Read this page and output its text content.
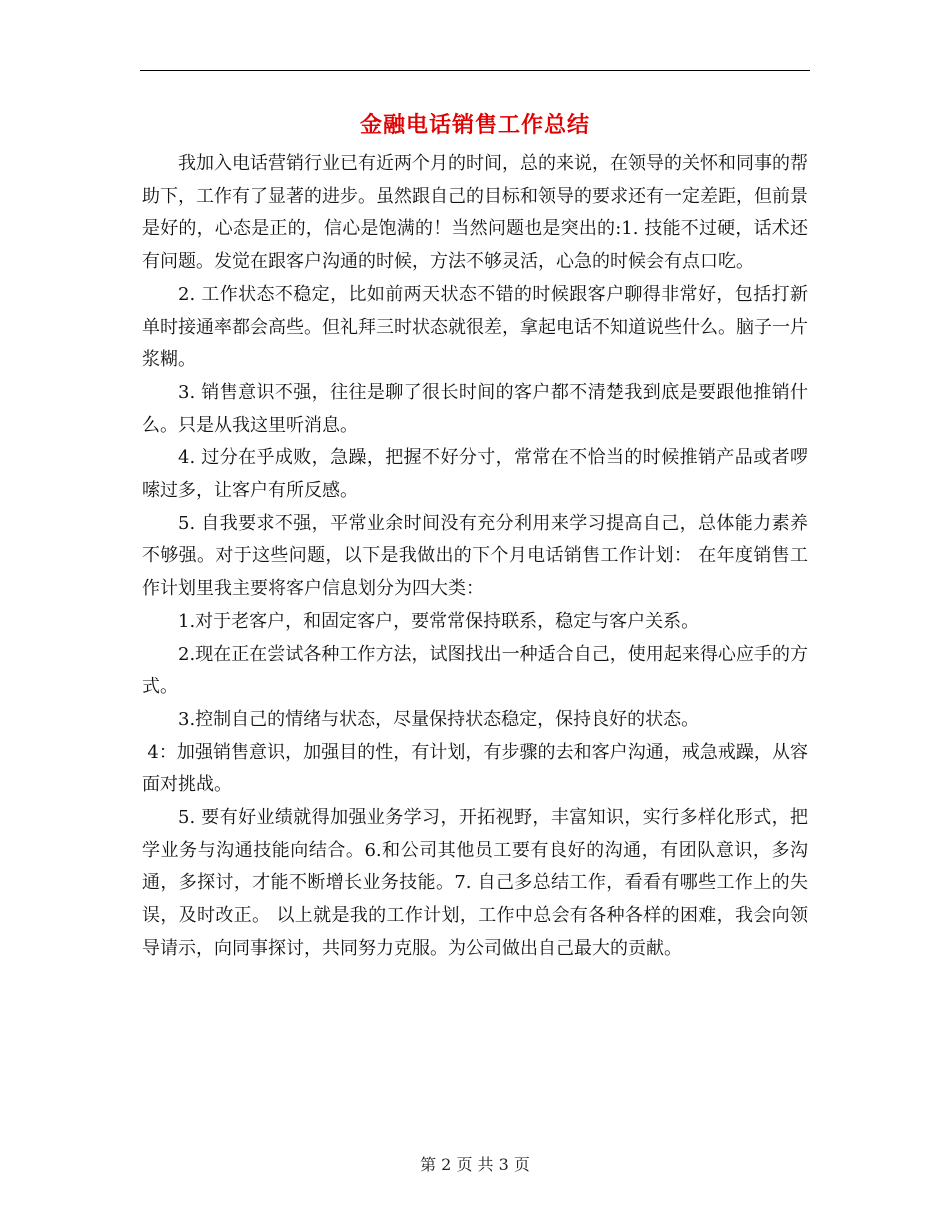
金融电话销售工作总结

我加入电话营销行业已有近两个月的时间，总的来说，在领导的关怀和同事的帮助下，工作有了显著的进步。虽然跟自己的目标和领导的要求还有一定差距，但前景是好的，心态是正的，信心是饱满的！当然问题也是突出的:1. 技能不过硬，话术还有问题。发觉在跟客户沟通的时候，方法不够灵活，心急的时候会有点口吃。

2. 工作状态不稳定，比如前两天状态不错的时候跟客户聊得非常好，包括打新单时接通率都会高些。但礼拜三时状态就很差，拿起电话不知道说些什么。脑子一片浆糊。

3. 销售意识不强，往往是聊了很长时间的客户都不清楚我到底是要跟他推销什么。只是从我这里听消息。

4. 过分在乎成败，急躁，把握不好分寸，常常在不恰当的时候推销产品或者啰嗦过多，让客户有所反感。

5. 自我要求不强，平常业余时间没有充分利用来学习提高自己，总体能力素养不够强。对于这些问题，以下是我做出的下个月电话销售工作计划： 在年度销售工作计划里我主要将客户信息划分为四大类：

1.对于老客户，和固定客户，要常常保持联系，稳定与客户关系。

2.现在正在尝试各种工作方法，试图找出一种适合自己，使用起来得心应手的方式。

3.控制自己的情绪与状态，尽量保持状态稳定，保持良好的状态。

4：加强销售意识，加强目的性，有计划，有步骤的去和客户沟通，戒急戒躁，从容面对挑战。

5. 要有好业绩就得加强业务学习，开拓视野，丰富知识，实行多样化形式，把学业务与沟通技能向结合。6.和公司其他员工要有良好的沟通，有团队意识，多沟通，多探讨，才能不断增长业务技能。7. 自己多总结工作，看看有哪些工作上的失误，及时改正。 以上就是我的工作计划，工作中总会有各种各样的困难，我会向领导请示，向同事探讨，共同努力克服。为公司做出自己最大的贡献。

第 2 页 共 3 页
